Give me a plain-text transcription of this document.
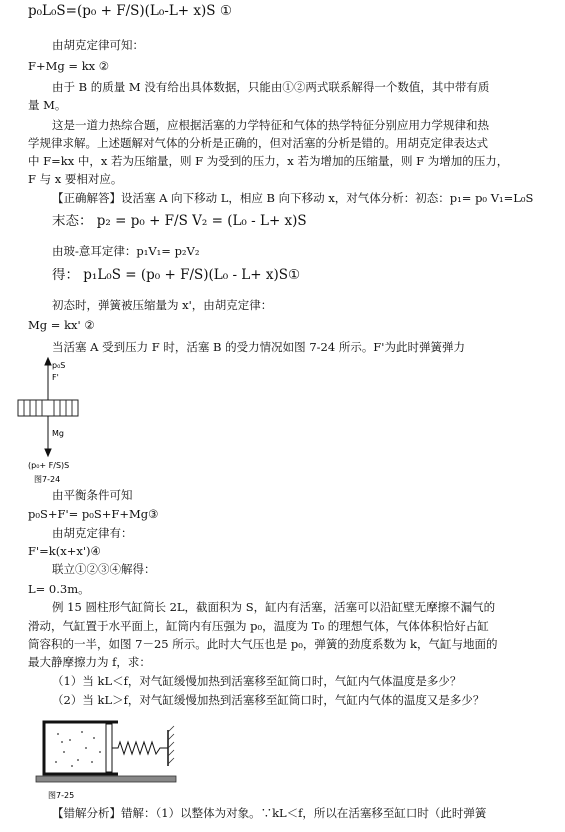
p₀L₀S=(p₀ + F/S)(L₀-L+ x)S ①
由胡克定律可知：
F+Mg = kx ②
由于 B 的质量 M 没有给出具体数据，只能由①②两式联系解得一个数值，其中带有质
量 M。
这是一道力热综合题，应根据活塞的力学特征和气体的热学特征分别应用力学规律和热
学规律求解。上述题解对气体的分析是正确的，但对活塞的分析是错的。用胡克定律表达式
中 F=kx 中，x 若为压缩量，则 F 为受到的压力，x 若为增加的压缩量，则 F 为增加的压力，
F 与 x 要相对应。
【正确解答】设活塞 A 向下移动 L，相应 B 向下移动 x，对气体分析：初态：p₁= p₀ V₁=L₀S
末态： p₂ = p₀ + F/S V₂ = (L₀ - L+ x)S
由玻-意耳定律：p₁V₁= p₂V₂
得： p₁L₀S = (p₀ + F/S)(L₀ - L+ x)S①
初态时，弹簧被压缩量为 x'，由胡克定律：
Mg = kx' ②
当活塞 A 受到压力 F 时，活塞 B 的受力情况如图 7-24 所示。F'为此时弹簧弹力
由平衡条件可知
p₀S+F'= p₀S+F+Mg③
由胡克定律有：
F'=k(x+x')④
联立①②③④解得：
L= 0.3m。
例 15 圆柱形气缸筒长 2L，截面积为 S，缸内有活塞，活塞可以沿缸壁无摩擦不漏气的
滑动，气缸置于水平面上，缸筒内有压强为 p₀，温度为 T₀ 的理想气体，气体体积恰好占缸
筒容积的一半，如图 7－25 所示。此时大气压也是 p₀，弹簧的劲度系数为 k，气缸与地面的
最大静摩擦力为 f，求：
（1）当 kL＜f，对气缸缓慢加热到活塞移至缸筒口时，气缸内气体温度是多少？
（2）当 kL＞f，对气缸缓慢加热到活塞移至缸筒口时，气缸内气体的温度又是多少？
【错解分析】错解：（1）以整体为对象。∵kL＜f，所以在活塞移至缸口时（此时弹簧
p₀S
F'
Mg
(p₀+ F/S)S
图7-24
图7-25
